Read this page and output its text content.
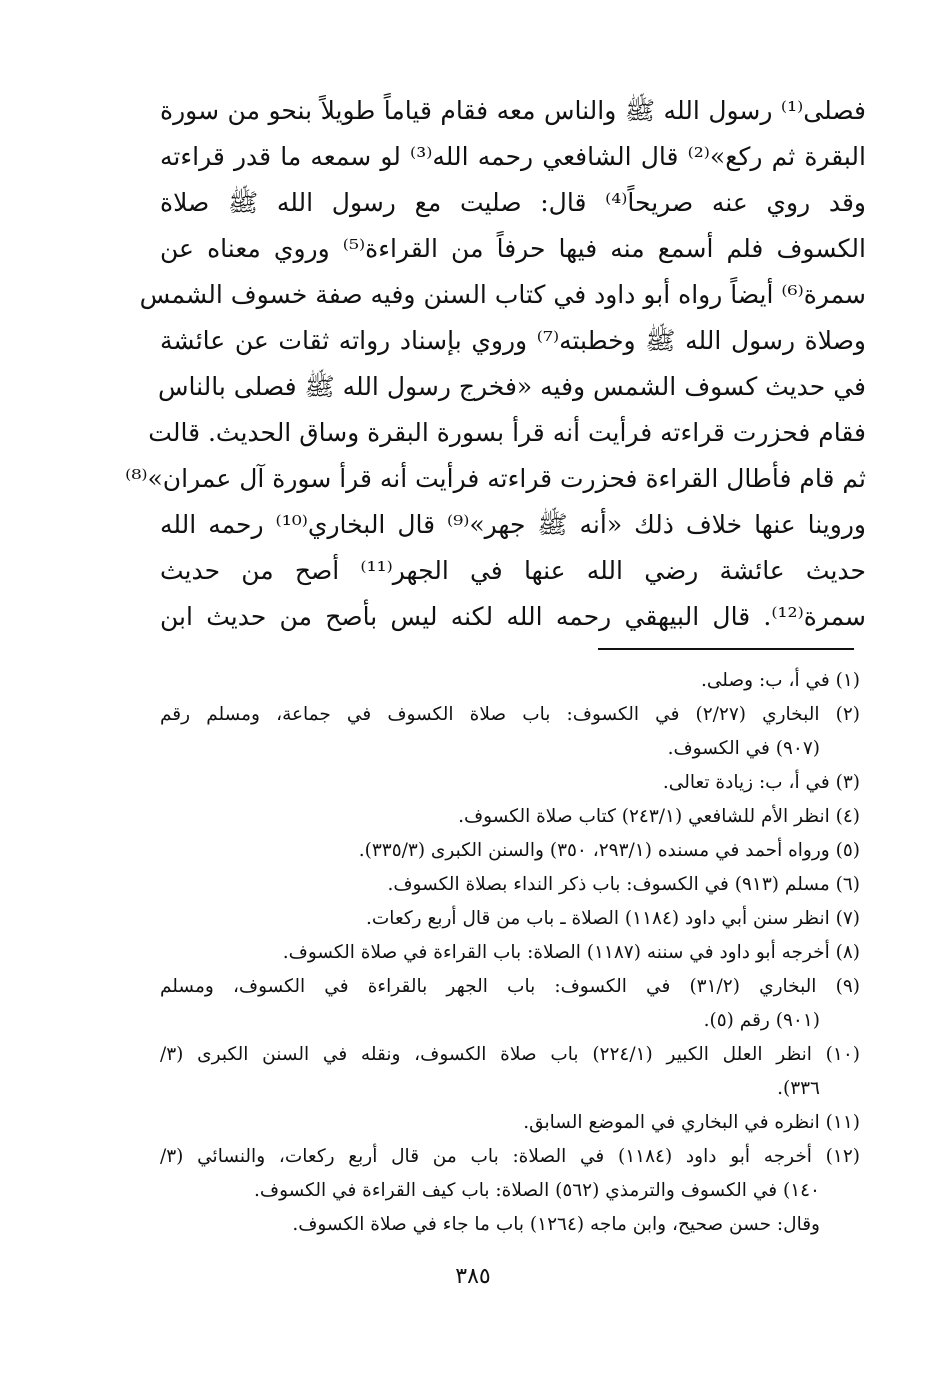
فصلى⁽¹⁾ رسول الله ﷺ والناس معه فقام قياماً طويلاً بنحو من سورة
البقرة ثم ركع»⁽²⁾ قال الشافعي رحمه الله⁽³⁾ لو سمعه ما قدر قراءته
وقد روي عنه صريحاً⁽⁴⁾ قال: صليت مع رسول الله ﷺ صلاة
الكسوف فلم أسمع منه فيها حرفاً من القراءة⁽⁵⁾ وروي معناه عن
سمرة⁽⁶⁾ أيضاً رواه أبو داود في كتاب السنن وفيه صفة خسوف الشمس
وصلاة رسول الله ﷺ وخطبته⁽⁷⁾ وروي بإسناد رواته ثقات عن عائشة
في حديث كسوف الشمس وفيه «فخرج رسول الله ﷺ فصلى بالناس
فقام فحزرت قراءته فرأيت أنه قرأ بسورة البقرة وساق الحديث. قالت
ثم قام فأطال القراءة فحزرت قراءته فرأيت أنه قرأ سورة آل عمران»⁽⁸⁾
وروينا عنها خلاف ذلك «أنه ﷺ جهر»⁽⁹⁾ قال البخاري⁽¹⁰⁾ رحمه الله
حديث عائشة رضي الله عنها في الجهر⁽¹¹⁾ أصح من حديث
سمرة⁽¹²⁾. قال البيهقي رحمه الله لكنه ليس بأصح من حديث ابن
(١) في أ، ب: وصلى.
(٢) البخاري (٢/٢٧) في الكسوف: باب صلاة الكسوف في جماعة، ومسلم رقم
(٩٠٧) في الكسوف.
(٣) في أ، ب: زيادة تعالى.
(٤) انظر الأم للشافعي (٢٤٣/١) كتاب صلاة الكسوف.
(٥) ورواه أحمد في مسنده (٢٩٣/١، ٣٥٠) والسنن الكبرى (٣٣٥/٣).
(٦) مسلم (٩١٣) في الكسوف: باب ذكر النداء بصلاة الكسوف.
(٧) انظر سنن أبي داود (١١٨٤) الصلاة ـ باب من قال أربع ركعات.
(٨) أخرجه أبو داود في سننه (١١٨٧) الصلاة: باب القراءة في صلاة الكسوف.
(٩) البخاري (٣١/٢) في الكسوف: باب الجهر بالقراءة في الكسوف، ومسلم
(٩٠١) رقم (٥).
(١٠) انظر العلل الكبير (٢٢٤/١) باب صلاة الكسوف، ونقله في السنن الكبرى (٣/
٣٣٦).
(١١) انظره في البخاري في الموضع السابق.
(١٢) أخرجه أبو داود (١١٨٤) في الصلاة: باب من قال أربع ركعات، والنسائي (٣/
١٤٠) في الكسوف والترمذي (٥٦٢) الصلاة: باب كيف القراءة في الكسوف.
وقال: حسن صحيح، وابن ماجه (١٢٦٤) باب ما جاء في صلاة الكسوف.
٣٨٥
